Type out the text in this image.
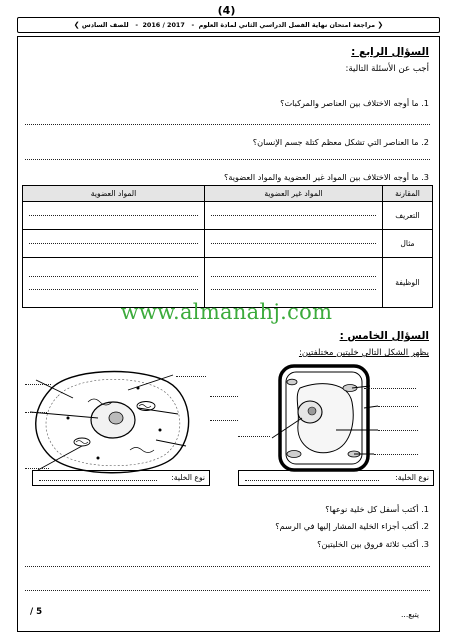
(4)
❮ مراجعة امتحان نهاية الفصل الدراسي الثاني لمادة العلوم  -   2016 / 2017  -   للصف السادس ❯
السؤال الرابع :
أجب عن الأسئلة التالية:
1. ما أوجه الاختلاف بين العناصر والمركبات؟
2. ما العناصر التي تشكل معظم كتلة جسم الإنسان؟
3. ما أوجه الاختلاف بين المواد غير العضوية والمواد العضوية؟
المقارنة	المواد غير العضوية	المواد العضوية
التعريف	

مثال	

الوظيفة	

www.almanahj.com
السؤال الخامس :
يظهر الشكل التالي خليتين مختلفتين:
نوع الخلية:
نوع الخلية:
1. أكتب أسفل كل خلية نوعها؟
2. أكتب أجزاء الخلية المشار إليها في الرسم؟
3. أكتب ثلاثة فروق بين الخليتين؟
يتبع...
/ 5
